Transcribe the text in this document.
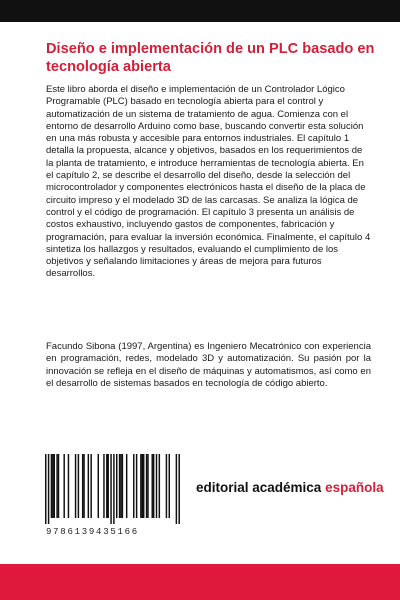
Diseño e implementación de un PLC basado en tecnología abierta

Este libro aborda el diseño e implementación de un Controlador Lógico Programable (PLC) basado en tecnología abierta para el control y automatización de un sistema de tratamiento de agua. Comienza con el entorno de desarrollo Arduino como base, buscando convertir esta solución en una más robusta y accesible para entornos industriales. El capítulo 1 detalla la propuesta, alcance y objetivos, basados en los requerimientos de la planta de tratamiento, e introduce herramientas de tecnología abierta. En el capítulo 2, se describe el desarrollo del diseño, desde la selección del microcontrolador y componentes electrónicos hasta el diseño de la placa de circuito impreso y el modelado 3D de las carcasas. Se analiza la lógica de control y el código de programación. El capítulo 3 presenta un análisis de costos exhaustivo, incluyendo gastos de componentes, fabricación y programación, para evaluar la inversión económica. Finalmente, el capítulo 4 sintetiza los hallazgos y resultados, evaluando el cumplimiento de los objetivos y señalando limitaciones y áreas de mejora para futuros desarrollos.

Facundo Sibona (1997, Argentina) es Ingeniero Mecatrónico con experiencia en programación, redes, modelado 3D y automatización. Su pasión por la innovación se refleja en el diseño de máquinas y automatismos, así como en el desarrollo de sistemas basados en tecnología de código abierto.

9786139435166

editorial académica española
